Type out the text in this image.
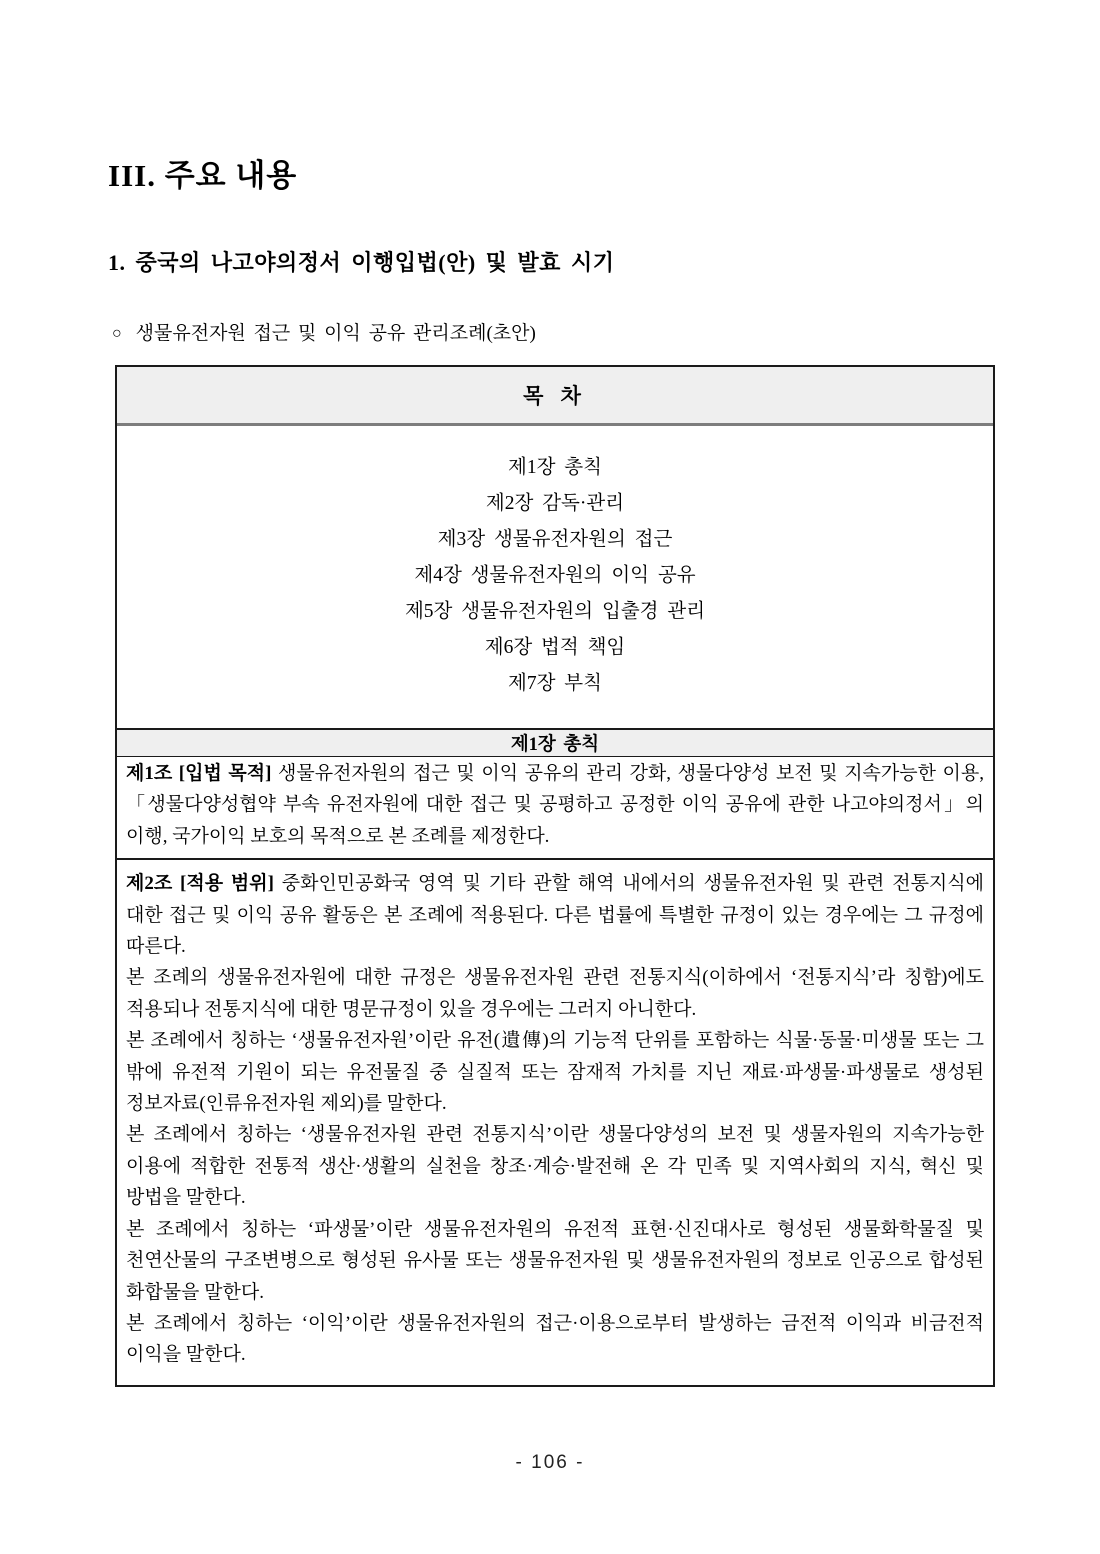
III. 주요 내용
1. 중국의 나고야의정서 이행입법(안) 및 발효 시기
○ 생물유전자원 접근 및 이익 공유 관리조례(초안)
목 차

제1장 총칙

제2장 감독·관리

제3장 생물유전자원의 접근

제4장 생물유전자원의 이익 공유

제5장 생물유전자원의 입출경 관리

제6장 법적 책임

제7장 부칙

제1장 총칙

제1조 [입법 목적] 생물유전자원의 접근 및 이익 공유의 관리 강화, 생물다양성 보전 및 지속가능한 이용, 「생물다양성협약 부속 유전자원에 대한 접근 및 공평하고 공정한 이익 공유에 관한 나고야의정서」의 이행, 국가이익 보호의 목적으로 본 조례를 제정한다.

제2조 [적용 범위] 중화인민공화국 영역 및 기타 관할 해역 내에서의 생물유전자원 및 관련 전통지식에 대한 접근 및 이익 공유 활동은 본 조례에 적용된다. 다른 법률에 특별한 규정이 있는 경우에는 그 규정에 따른다.

본 조례의 생물유전자원에 대한 규정은 생물유전자원 관련 전통지식(이하에서 ‘전통지식’라 칭함)에도 적용되나 전통지식에 대한 명문규정이 있을 경우에는 그러지 아니한다.

본 조례에서 칭하는 ‘생물유전자원’이란 유전(遺傳)의 기능적 단위를 포함하는 식물·동물·미생물 또는 그 밖에 유전적 기원이 되는 유전물질 중 실질적 또는 잠재적 가치를 지닌 재료·파생물·파생물로 생성된 정보자료(인류유전자원 제외)를 말한다.

본 조례에서 칭하는 ‘생물유전자원 관련 전통지식’이란 생물다양성의 보전 및 생물자원의 지속가능한 이용에 적합한 전통적 생산·생활의 실천을 창조·계승·발전해 온 각 민족 및 지역사회의 지식, 혁신 및 방법을 말한다.

본 조례에서 칭하는 ‘파생물’이란 생물유전자원의 유전적 표현·신진대사로 형성된 생물화학물질 및 천연산물의 구조변병으로 형성된 유사물 또는 생물유전자원 및 생물유전자원의 정보로 인공으로 합성된 화합물을 말한다.

본 조례에서 칭하는 ‘이익’이란 생물유전자원의 접근·이용으로부터 발생하는 금전적 이익과 비금전적 이익을 말한다.

- 106 -
